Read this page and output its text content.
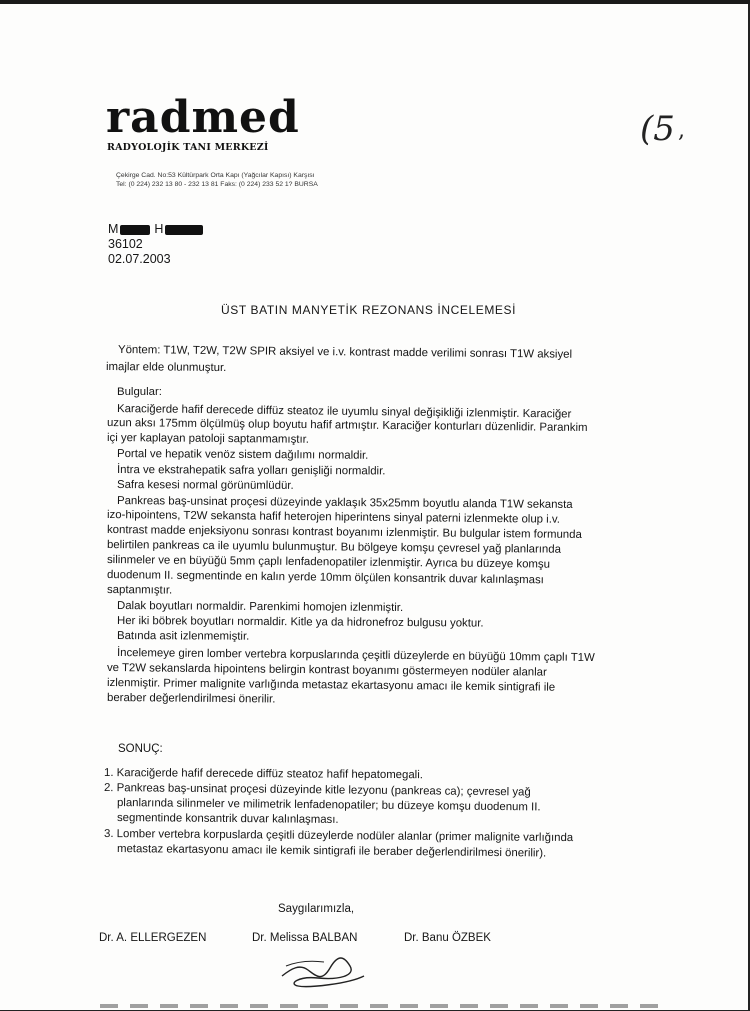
radmed
RADYOLOJİK TANI MERKEZİ
Çekirge Cad. No:53 Kültürpark Orta Kapı (Yağcılar Kapısı) Karşısı
Tel: (0 224) 232 13 80 - 232 13 81 Faks: (0 224) 233 52 1? BURSA
(5 ,
M	H
36102
02.07.2003
ÜST BATIN MANYETİK REZONANS İNCELEMESİ
Yöntem: T1W, T2W, T2W SPIR aksiyel ve i.v. kontrast madde verilimi sonrası T1W aksiyel
imajlar elde olunmuştur.
Bulgular:
Karaciğerde hafif derecede diffüz steatoz ile uyumlu sinyal değişikliği izlenmiştir. Karaciğer
uzun aksı 175mm ölçülmüş olup boyutu hafif artmıştır. Karaciğer konturları düzenlidir. Parankim
içi yer kaplayan patoloji saptanmamıştır.
Portal ve hepatik venöz sistem dağılımı normaldir.
İntra ve ekstrahepatik safra yolları genişliği normaldir.
Safra kesesi normal görünümlüdür.
Pankreas baş-unsinat proçesi düzeyinde yaklaşık 35x25mm boyutlu alanda T1W sekansta
izo-hipointens, T2W sekansta hafif heterojen hiperintens sinyal paterni izlenmekte olup i.v.
kontrast madde enjeksiyonu sonrası kontrast boyanımı izlenmiştir. Bu bulgular istem formunda
belirtilen pankreas ca ile uyumlu bulunmuştur. Bu bölgeye komşu çevresel yağ planlarında
silinmeler ve en büyüğü 5mm çaplı lenfadenopatiler izlenmiştir. Ayrıca bu düzeye komşu
duodenum II. segmentinde en kalın yerde 10mm ölçülen konsantrik duvar kalınlaşması
saptanmıştır.
Dalak boyutları normaldir. Parenkimi homojen izlenmiştir.
Her iki böbrek boyutları normaldir. Kitle ya da hidronefroz bulgusu yoktur.
Batında asit izlenmemiştir.
İncelemeye giren lomber vertebra korpuslarında çeşitli düzeylerde en büyüğü 10mm çaplı T1W
ve T2W sekanslarda hipointens belirgin kontrast boyanımı göstermeyen nodüler alanlar
izlenmiştir. Primer malignite varlığında metastaz ekartasyonu amacı ile kemik sintigrafi ile
beraber değerlendirilmesi önerilir.
SONUÇ:
1. Karaciğerde hafif derecede diffüz steatoz hafif hepatomegali.
2. Pankreas baş-unsinat proçesi düzeyinde kitle lezyonu (pankreas ca); çevresel yağ
planlarında silinmeler ve milimetrik lenfadenopatiler; bu düzeye komşu duodenum II.
segmentinde konsantrik duvar kalınlaşması.
3. Lomber vertebra korpuslarda çeşitli düzeylerde nodüler alanlar (primer malignite varlığında
metastaz ekartasyonu amacı ile kemik sintigrafi ile beraber değerlendirilmesi önerilir).
Saygılarımızla,
Dr. A. ELLERGEZEN	Dr. Melissa BALBAN	Dr. Banu ÖZBEK
